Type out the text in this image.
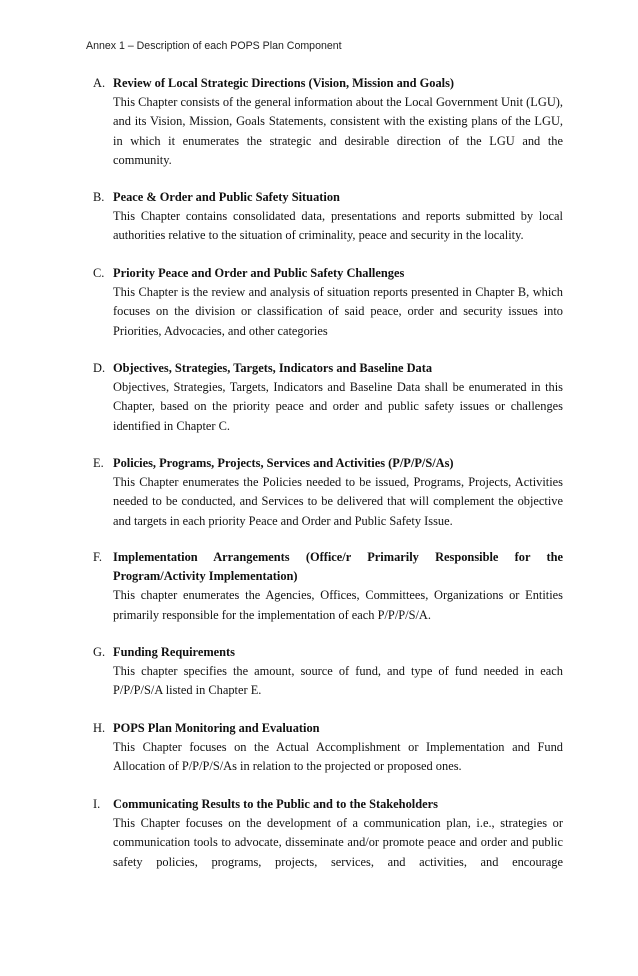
Annex 1 – Description of each POPS Plan Component
A. Review of Local Strategic Directions (Vision, Mission and Goals)
This Chapter consists of the general information about the Local Government Unit (LGU), and its Vision, Mission, Goals Statements, consistent with the existing plans of the LGU, in which it enumerates the strategic and desirable direction of the LGU and the community.
B. Peace & Order and Public Safety Situation
This Chapter contains consolidated data, presentations and reports submitted by local authorities relative to the situation of criminality, peace and security in the locality.
C. Priority Peace and Order and Public Safety Challenges
This Chapter is the review and analysis of situation reports presented in Chapter B, which focuses on the division or classification of said peace, order and security issues into Priorities, Advocacies, and other categories
D. Objectives, Strategies, Targets, Indicators and Baseline Data
Objectives, Strategies, Targets, Indicators and Baseline Data shall be enumerated in this Chapter, based on the priority peace and order and public safety issues or challenges identified in Chapter C.
E. Policies, Programs, Projects, Services and Activities (P/P/P/S/As)
This Chapter enumerates the Policies needed to be issued, Programs, Projects, Activities needed to be conducted, and Services to be delivered that will complement the objective and targets in each priority Peace and Order and Public Safety Issue.
F. Implementation Arrangements (Office/r Primarily Responsible for the Program/Activity Implementation)
This chapter enumerates the Agencies, Offices, Committees, Organizations or Entities primarily responsible for the implementation of each P/P/P/S/A.
G. Funding Requirements
This chapter specifies the amount, source of fund, and type of fund needed in each P/P/P/S/A listed in Chapter E.
H. POPS Plan Monitoring and Evaluation
This Chapter focuses on the Actual Accomplishment or Implementation and Fund Allocation of P/P/P/S/As in relation to the projected or proposed ones.
I.	Communicating Results to the Public and to the Stakeholders
This Chapter focuses on the development of a communication plan, i.e., strategies or communication tools to advocate, disseminate and/or promote peace and order and public safety policies, programs, projects, services, and activities, and encourage
